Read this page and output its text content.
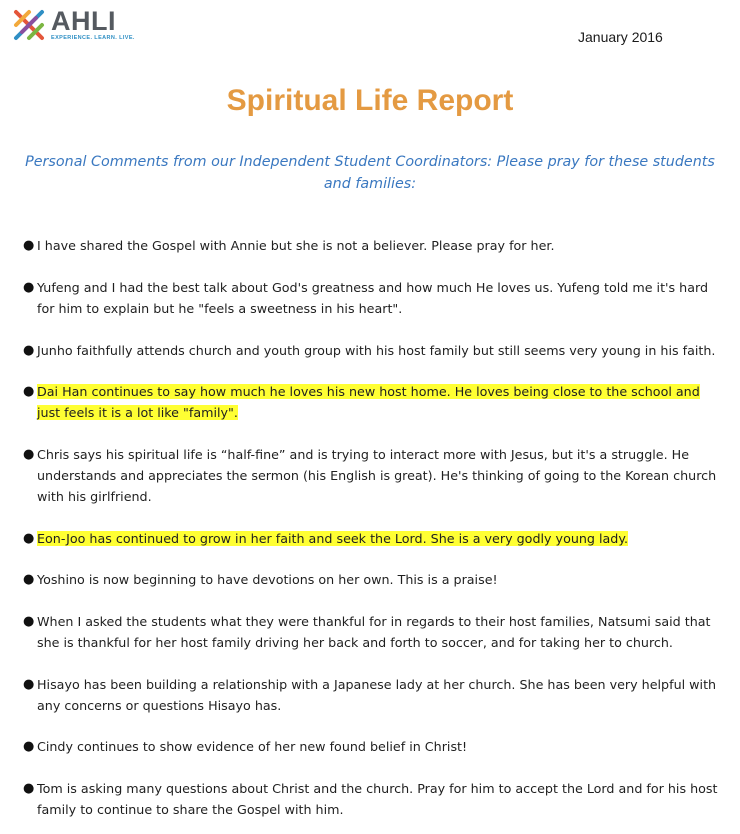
AHLI
EXPERIENCE. LEARN. LIVE.	January 2016
Spiritual Life Report
Personal Comments from our Independent Student Coordinators: Please pray for these students and families:
● I have shared the Gospel with Annie but she is not a believer. Please pray for her.
● Yufeng and I had the best talk about God's greatness and how much He loves us. Yufeng told me it's hard for him to explain but he "feels a sweetness in his heart".
● Junho faithfully attends church and youth group with his host family but still seems very young in his faith.
● Dai Han continues to say how much he loves his new host home. He loves being close to the school and just feels it is a lot like "family".
● Chris says his spiritual life is “half-fine” and is trying to interact more with Jesus, but it's a struggle. He understands and appreciates the sermon (his English is great). He's thinking of going to the Korean church with his girlfriend.
● Eon-Joo has continued to grow in her faith and seek the Lord. She is a very godly young lady.
● Yoshino is now beginning to have devotions on her own. This is a praise!
● When I asked the students what they were thankful for in regards to their host families, Natsumi said that she is thankful for her host family driving her back and forth to soccer, and for taking her to church.
● Hisayo has been building a relationship with a Japanese lady at her church. She has been very helpful with any concerns or questions Hisayo has.
● Cindy continues to show evidence of her new found belief in Christ!
● Tom is asking many questions about Christ and the church. Pray for him to accept the Lord and for his host family to continue to share the Gospel with him.
